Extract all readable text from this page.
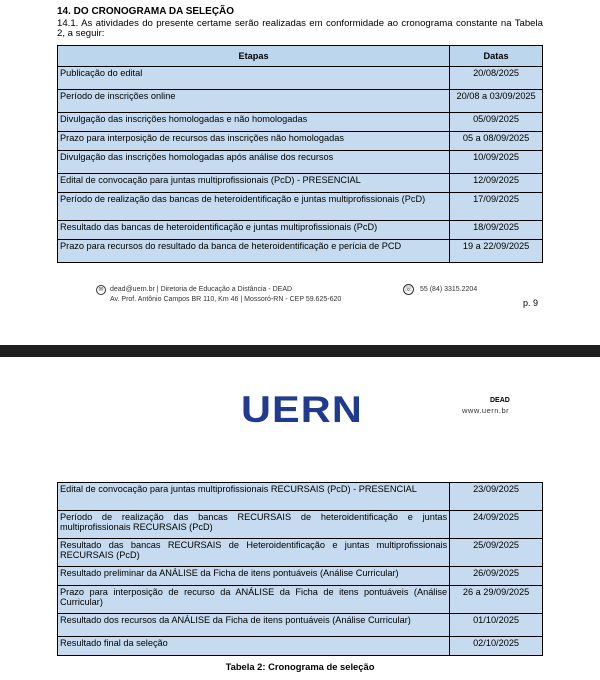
14. DO CRONOGRAMA DA SELEÇÃO
14.1. As atividades do presente certame serão realizadas em conformidade ao cronograma constante na Tabela 2, a seguir:
Etapas	Datas
Publicação do edital	20/08/2025
Período de inscrições online	20/08 a 03/09/2025
Divulgação das inscrições homologadas e não homologadas	05/09/2025
Prazo para interposição de recursos das inscrições não homologadas	05 a 08/09/2025
Divulgação das inscrições homologadas após análise dos recursos	10/09/2025
Edital de convocação para juntas multiprofissionais (PcD) - PRESENCIAL	12/09/2025
Período de realização das bancas de heteroidentificação e juntas multiprofissionais (PcD)	17/09/2025
Resultado das bancas de heteroidentificação e juntas multiprofissionais (PcD)	18/09/2025
Prazo para recursos do resultado da banca de heteroidentificação e perícia de PCD	19 a 22/09/2025
✉ dead@uern.br | Diretoria de Educação a Distância - DEAD
Av. Prof. Antônio Campos BR 110, Km 46 | Mossoró-RN - CEP 59.625-620
☏ 55 (84) 3315.2204
p. 9
UERN	DEAD
www.uern.br
Edital de convocação para juntas multiprofissionais RECURSAIS (PcD) - PRESENCIAL	23/09/2025
Período de realização das bancas RECURSAIS de heteroidentificação e juntas multiprofissionais RECURSAIS (PcD)	24/09/2025
Resultado das bancas RECURSAIS de Heteroidentificação e juntas multiprofissionais RECURSAIS (PcD)	25/09/2025
Resultado preliminar da ANÁLISE da Ficha de itens pontuáveis (Análise Curricular)	26/09/2025
Prazo para interposição de recurso da ANÁLISE da Ficha de itens pontuáveis (Análise Curricular)	26 a 29/09/2025
Resultado dos recursos da ANÁLISE da Ficha de itens pontuáveis (Análise Curricular)	01/10/2025
Resultado final da seleção	02/10/2025
Tabela 2: Cronograma de seleção
